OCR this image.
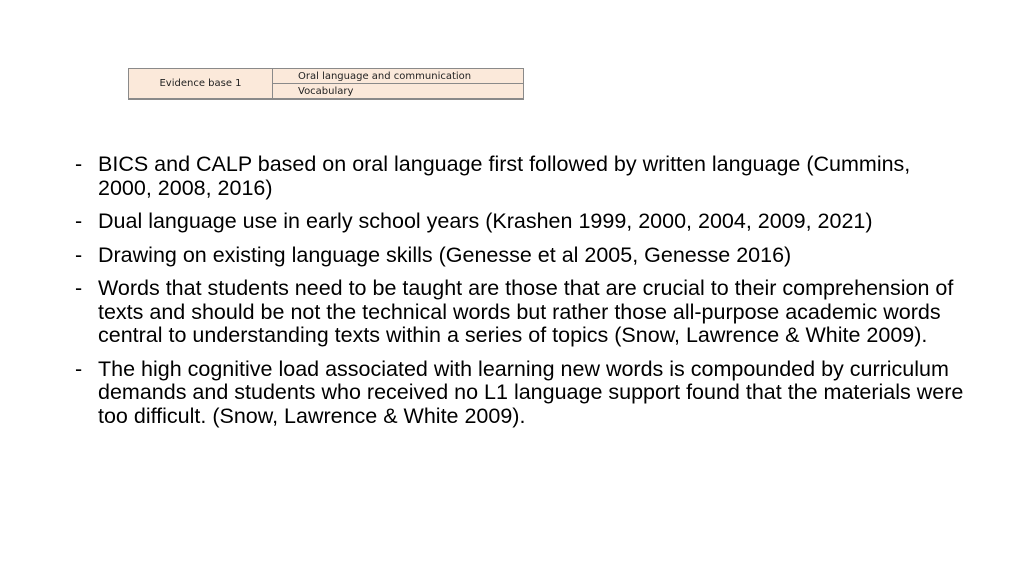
Evidence base 1
Oral language and communication
Vocabulary
- BICS and CALP based on oral language first followed by written language (Cummins, 2000, 2008, 2016)
- Dual language use in early school years (Krashen 1999, 2000, 2004, 2009, 2021)
- Drawing on existing language skills (Genesse et al 2005, Genesse 2016)
- Words that students need to be taught are those that are crucial to their comprehension of texts and should be not the technical words but rather those all-purpose academic words central to understanding texts within a series of topics (Snow, Lawrence & White 2009).
- The high cognitive load associated with learning new words is compounded by curriculum demands and students who received no L1 language support found that the materials were too difficult. (Snow, Lawrence & White 2009).
